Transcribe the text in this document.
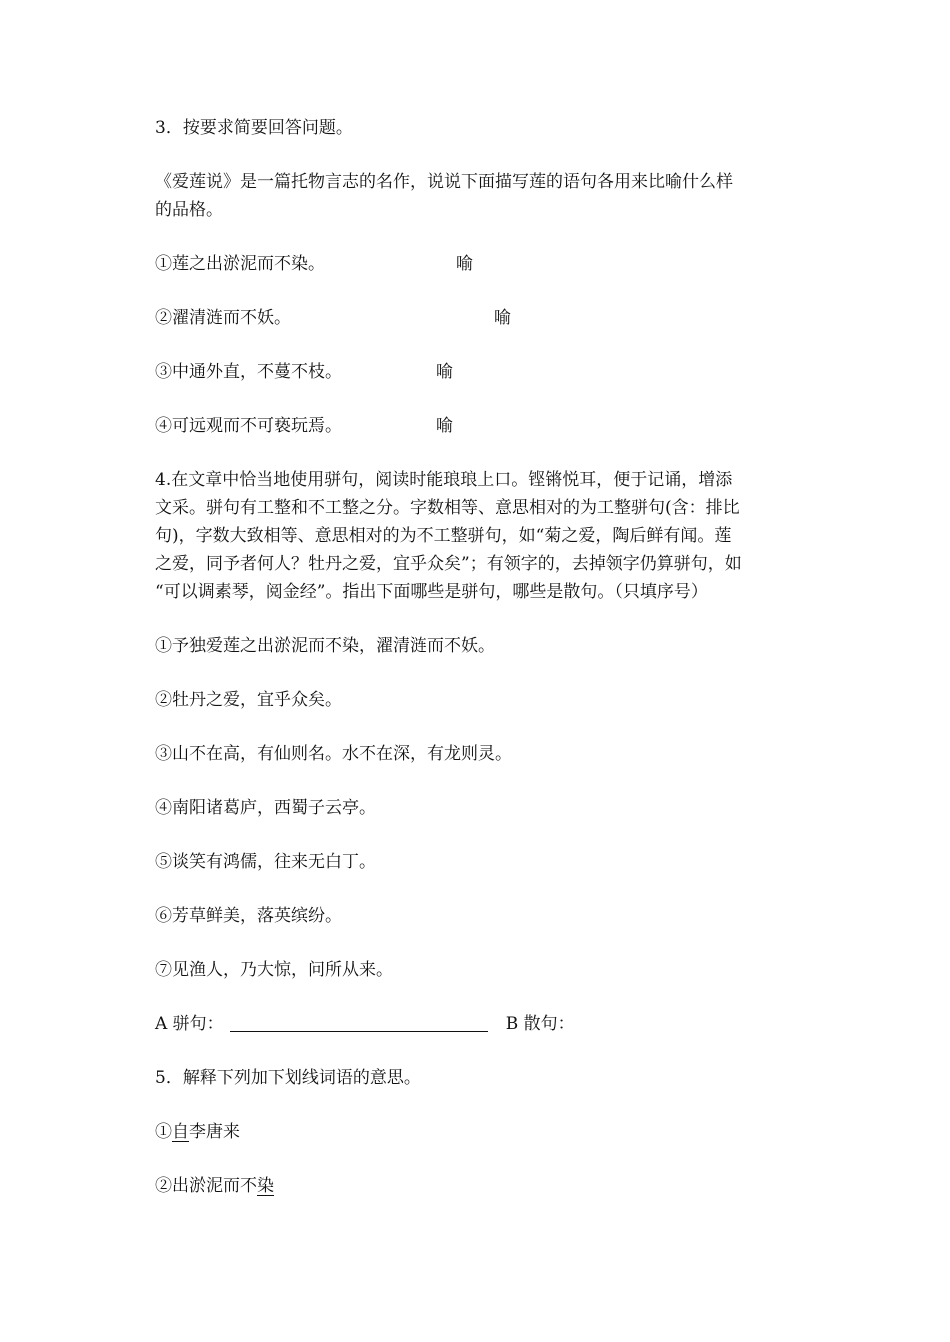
3．按要求简要回答问题。
《爱莲说》是一篇托物言志的名作，说说下面描写莲的语句各用来比喻什么样
的品格。
①莲之出淤泥而不染。	喻
②濯清涟而不妖。	喻
③中通外直，不蔓不枝。	喻
④可远观而不可亵玩焉。	喻
4.在文章中恰当地使用骈句，阅读时能琅琅上口。铿锵悦耳，便于记诵，增添
文采。骈句有工整和不工整之分。字数相等、意思相对的为工整骈句(含：排比
句)，字数大致相等、意思相对的为不工整骈句，如“菊之爱，陶后鲜有闻。莲
之爱，同予者何人？牡丹之爱，宜乎众矣”；有领字的，去掉领字仍算骈句，如
“可以调素琴，阅金经”。指出下面哪些是骈句，哪些是散句。（只填序号）
①予独爱莲之出淤泥而不染，濯清涟而不妖。
②牡丹之爱，宜乎众矣。
③山不在高，有仙则名。水不在深，有龙则灵。
④南阳诸葛庐，西蜀子云亭。
⑤谈笑有鸿儒，往来无白丁。
⑥芳草鲜美，落英缤纷。
⑦见渔人，乃大惊，问所从来。
A 骈句：	B 散句：
5．解释下列加下划线词语的意思。
①自李唐来
②出淤泥而不染
